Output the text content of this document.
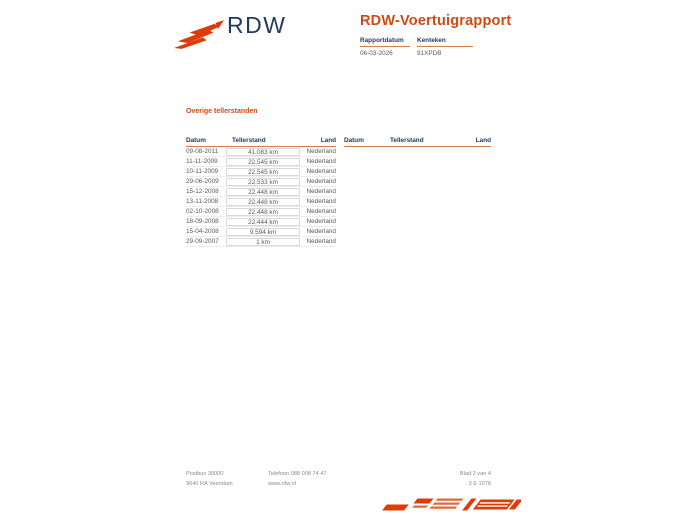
RDW	RDW-Voertuigrapport
Rapportdatum
06-03-2026
Kenteken
91XPDB
Overige tellerstanden
Datum	Tellerstand	Land
09-08-2011	41.083 km	Nederland
11-11-2009	22.545 km	Nederland
10-11-2009	22.545 km	Nederland
29-06-2009	22.533 km	Nederland
15-12-2008	22.448 km	Nederland
13-11-2008	22.448 km	Nederland
02-10-2008	22.448 km	Nederland
18-09-2008	22.444 km	Nederland
15-04-2008	9.594 km	Nederland
29-09-2007	1 km	Nederland
Datum	Tellerstand	Land
Postbus 30000
9640 RA Veendam
Telefoon 088 008 74 47
www.rdw.nl
Blad 2 van 4
3 E 1078
